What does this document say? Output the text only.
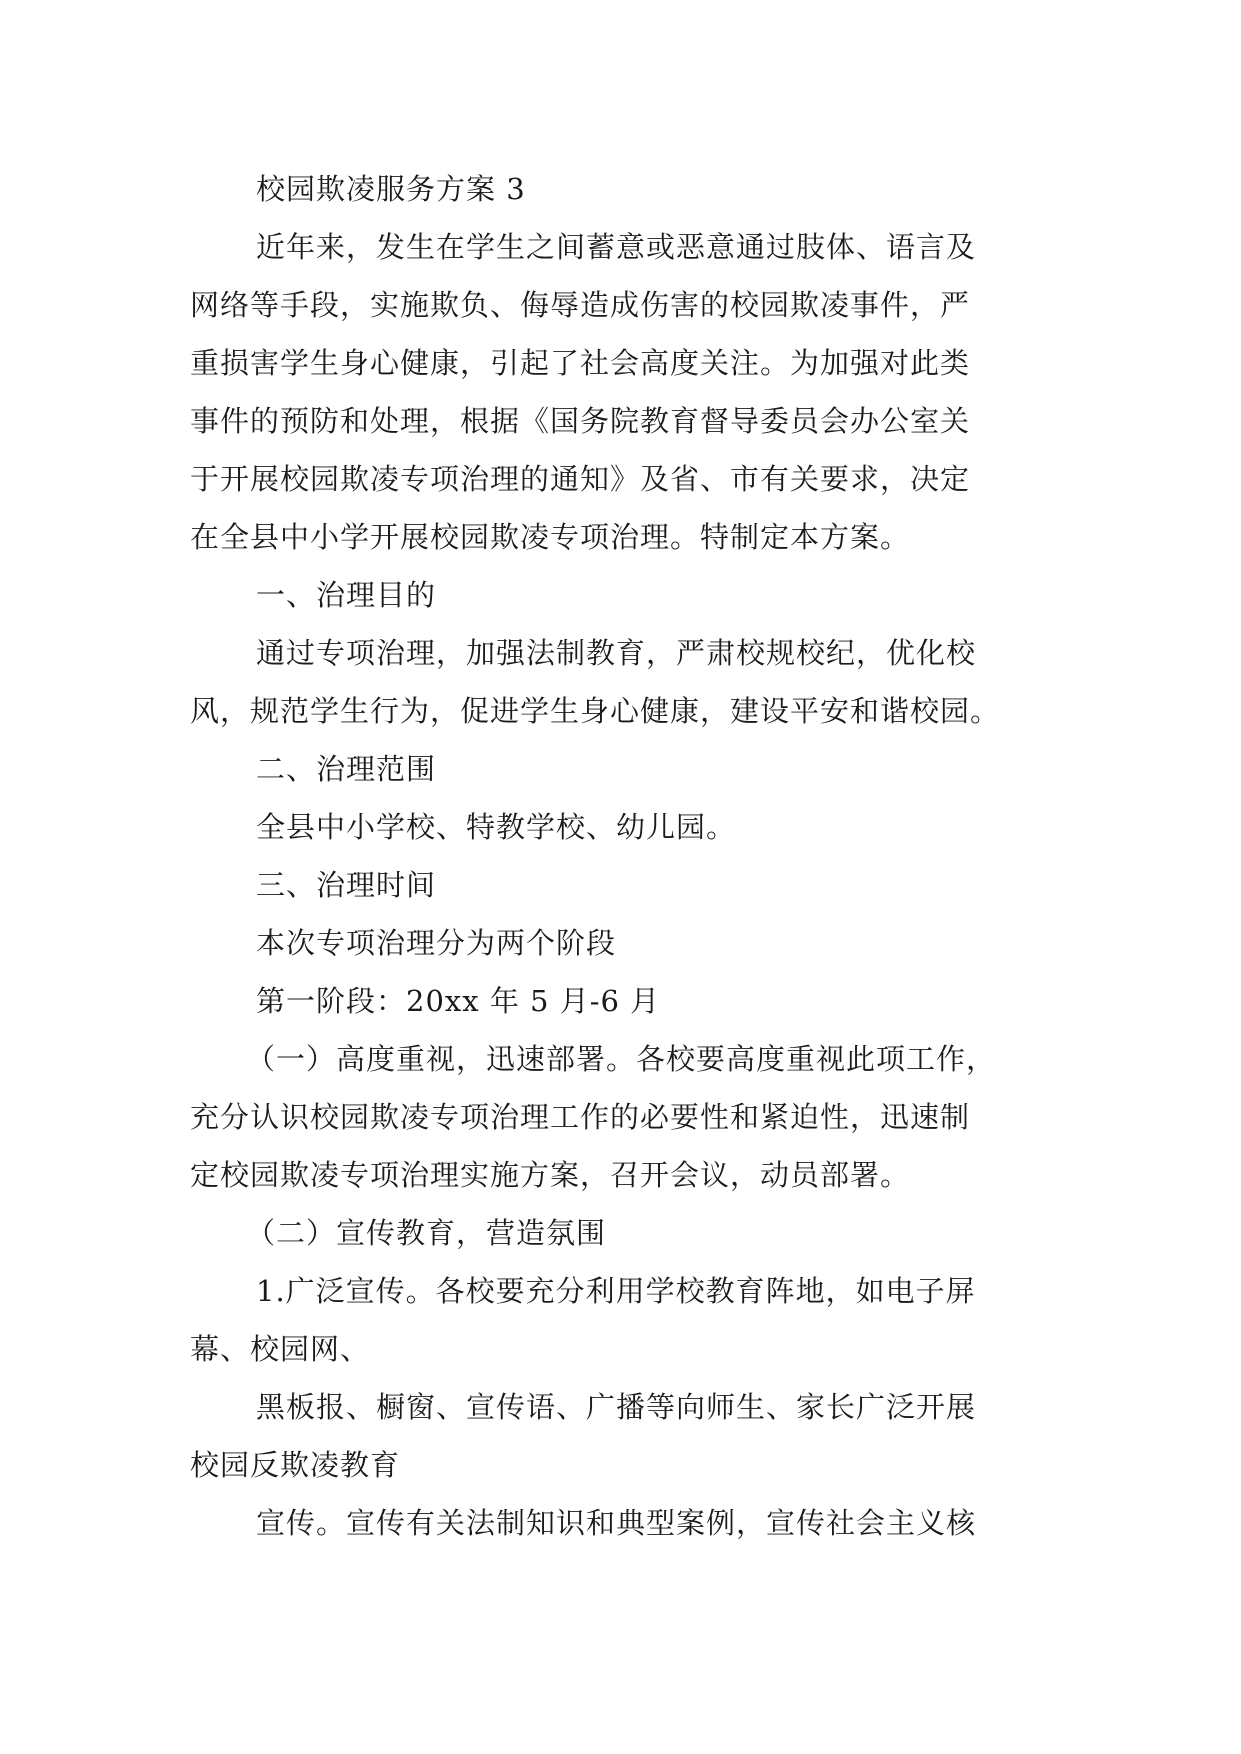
校园欺凌服务方案 3
近年来，发生在学生之间蓄意或恶意通过肢体、语言及
网络等手段，实施欺负、侮辱造成伤害的校园欺凌事件，严
重损害学生身心健康，引起了社会高度关注。为加强对此类
事件的预防和处理，根据《国务院教育督导委员会办公室关
于开展校园欺凌专项治理的通知》及省、市有关要求，决定
在全县中小学开展校园欺凌专项治理。特制定本方案。
一、治理目的
通过专项治理，加强法制教育，严肃校规校纪，优化校
风，规范学生行为，促进学生身心健康，建设平安和谐校园。
二、治理范围
全县中小学校、特教学校、幼儿园。
三、治理时间
本次专项治理分为两个阶段
第一阶段：20xx 年 5 月-6 月
（一）高度重视，迅速部署。各校要高度重视此项工作，
充分认识校园欺凌专项治理工作的必要性和紧迫性，迅速制
定校园欺凌专项治理实施方案，召开会议，动员部署。
（二）宣传教育，营造氛围
1.广泛宣传。各校要充分利用学校教育阵地，如电子屏
幕、校园网、
黑板报、橱窗、宣传语、广播等向师生、家长广泛开展
校园反欺凌教育
宣传。宣传有关法制知识和典型案例，宣传社会主义核
